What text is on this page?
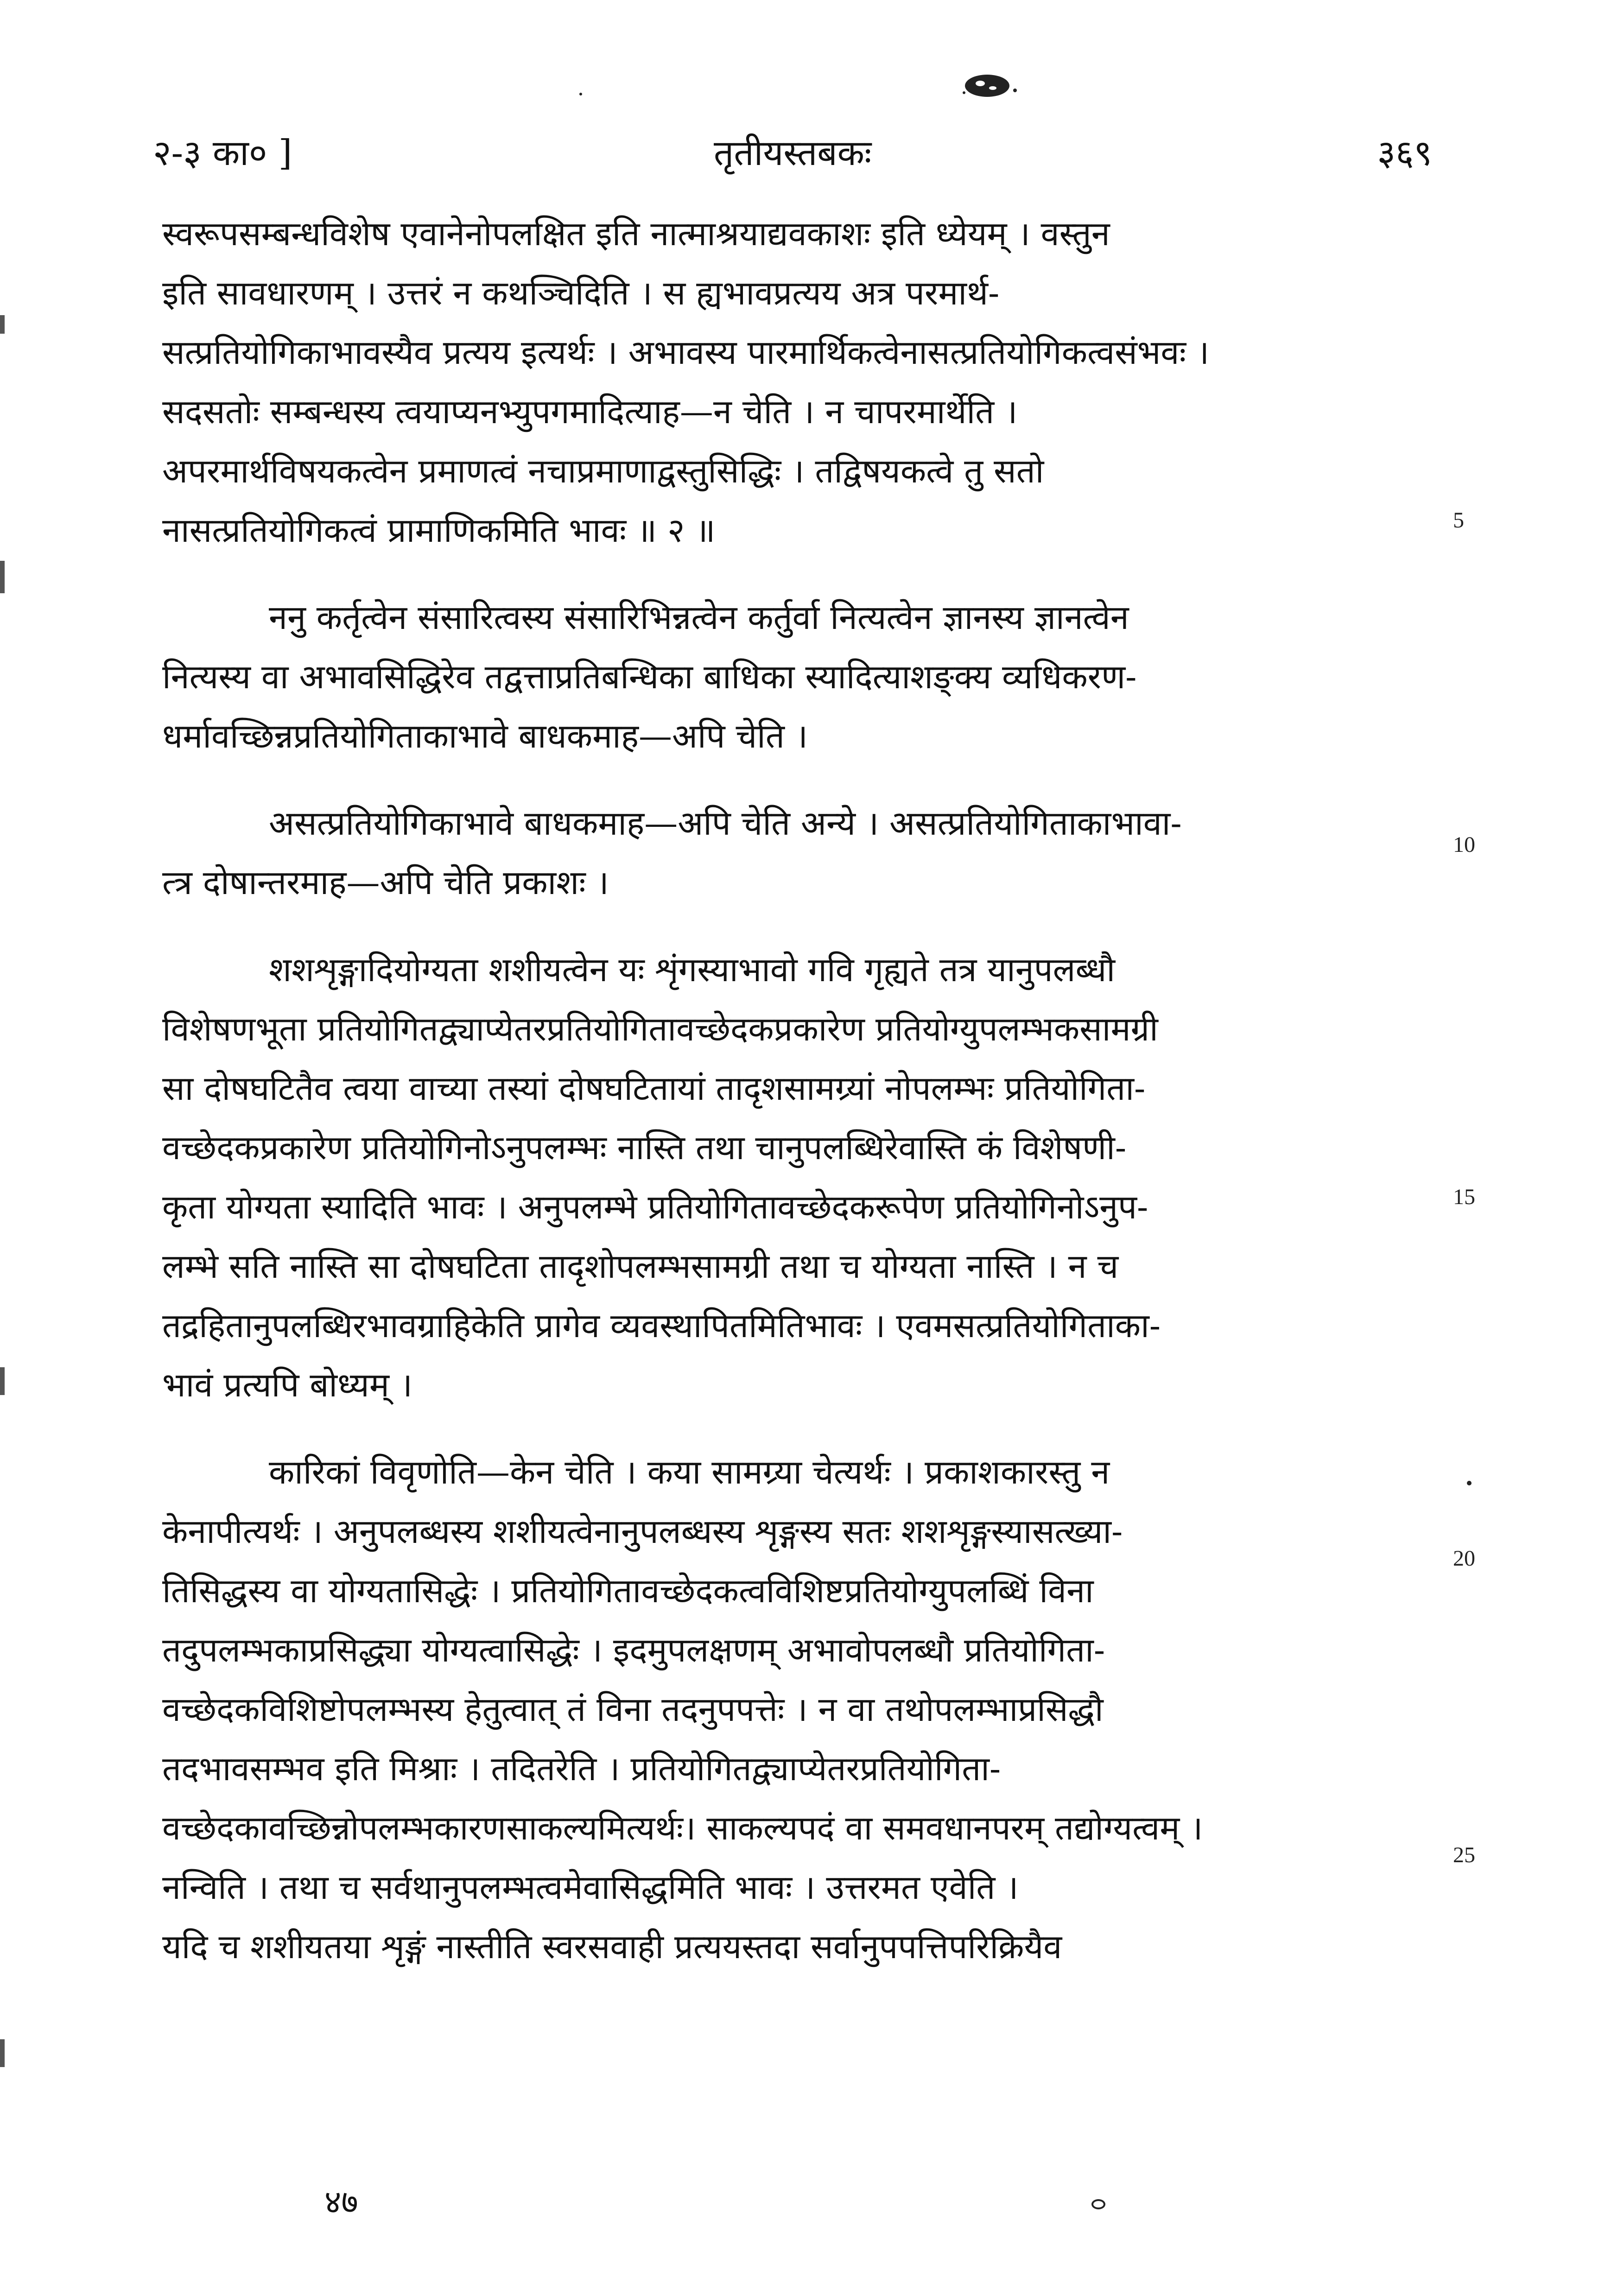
२-३ का० ]	तृतीयस्तबकः	३६९
स्वरूपसम्बन्धविशेष एवानेनोपलक्षित इति नात्माश्रयाद्यवकाशः इति ध्येयम् । वस्तुन
इति सावधारणम् । उत्तरं न कथञ्चिदिति । स ह्यभावप्रत्यय अत्र परमार्थ-
सत्प्रतियोगिकाभावस्यैव प्रत्यय इत्यर्थः । अभावस्य पारमार्थिकत्वेनासत्प्रतियोगिकत्वसंभवः ।
सदसतोः सम्बन्धस्य त्वयाप्यनभ्युपगमादित्याह—न चेति । न चापरमार्थेति ।
अपरमार्थविषयकत्वेन प्रमाणत्वं नचाप्रमाणाद्वस्तुसिद्धिः । तद्विषयकत्वे तु सतो
नासत्प्रतियोगिकत्वं प्रामाणिकमिति भावः ॥ २ ॥
ननु कर्तृत्वेन संसारित्वस्य संसारिभिन्नत्वेन कर्तुर्वा नित्यत्वेन ज्ञानस्य ज्ञानत्वेन
नित्यस्य वा अभावसिद्धिरेव तद्वत्ताप्रतिबन्धिका बाधिका स्यादित्याशङ्क्य व्यधिकरण-
धर्मावच्छिन्नप्रतियोगिताकाभावे बाधकमाह—अपि चेति ।
असत्प्रतियोगिकाभावे बाधकमाह—अपि चेति अन्ये । असत्प्रतियोगिताकाभावा-
त्त्र दोषान्तरमाह—अपि चेति प्रकाशः ।
शशशृङ्गादियोग्यता शशीयत्वेन यः शृंगस्याभावो गवि गृह्यते तत्र यानुपलब्धौ
विशेषणभूता प्रतियोगितद्व्याप्येतरप्रतियोगितावच्छेदकप्रकारेण प्रतियोग्युपलम्भकसामग्री
सा दोषघटितैव त्वया वाच्या तस्यां दोषघटितायां तादृशसामग्र्यां नोपलम्भः प्रतियोगिता-
वच्छेदकप्रकारेण प्रतियोगिनोऽनुपलम्भः नास्ति तथा चानुपलब्धिरेवास्ति कं विशेषणी-
कृता योग्यता स्यादिति भावः । अनुपलम्भे प्रतियोगितावच्छेदकरूपेण प्रतियोगिनोऽनुप-
लम्भे सति नास्ति सा दोषघटिता तादृशोपलम्भसामग्री तथा च योग्यता नास्ति । न च
तद्रहितानुपलब्धिरभावग्राहिकेति प्रागेव व्यवस्थापितमितिभावः । एवमसत्प्रतियोगिताका-
भावं प्रत्यपि बोध्यम् ।
कारिकां विवृणोति—केन चेति । कया सामग्र्या चेत्यर्थः । प्रकाशकारस्तु न
केनापीत्यर्थः । अनुपलब्धस्य शशीयत्वेनानुपलब्धस्य शृङ्गस्य सतः शशशृङ्गस्यासत्ख्या-
तिसिद्धस्य वा योग्यतासिद्धेः । प्रतियोगितावच्छेदकत्वविशिष्टप्रतियोग्युपलब्धिं विना
तदुपलम्भकाप्रसिद्ध्या योग्यत्वासिद्धेः । इदमुपलक्षणम् अभावोपलब्धौ प्रतियोगिता-
वच्छेदकविशिष्टोपलम्भस्य हेतुत्वात् तं विना तदनुपपत्तेः । न वा तथोपलम्भाप्रसिद्धौ
तदभावसम्भव इति मिश्राः । तदितरेति । प्रतियोगितद्व्याप्येतरप्रतियोगिता-
वच्छेदकावच्छिन्नोपलम्भकारणसाकल्यमित्यर्थः। साकल्यपदं वा समवधानपरम् तद्योग्यत्वम् ।
नन्विति । तथा च सर्वथानुपलम्भत्वमेवासिद्धमिति भावः । उत्तरमत एवेति ।
यदि च शशीयतया शृङ्गं नास्तीति स्वरसवाही प्रत्ययस्तदा सर्वानुपपत्तिपरिक्रियैव
5
10
15
20
25
४७
